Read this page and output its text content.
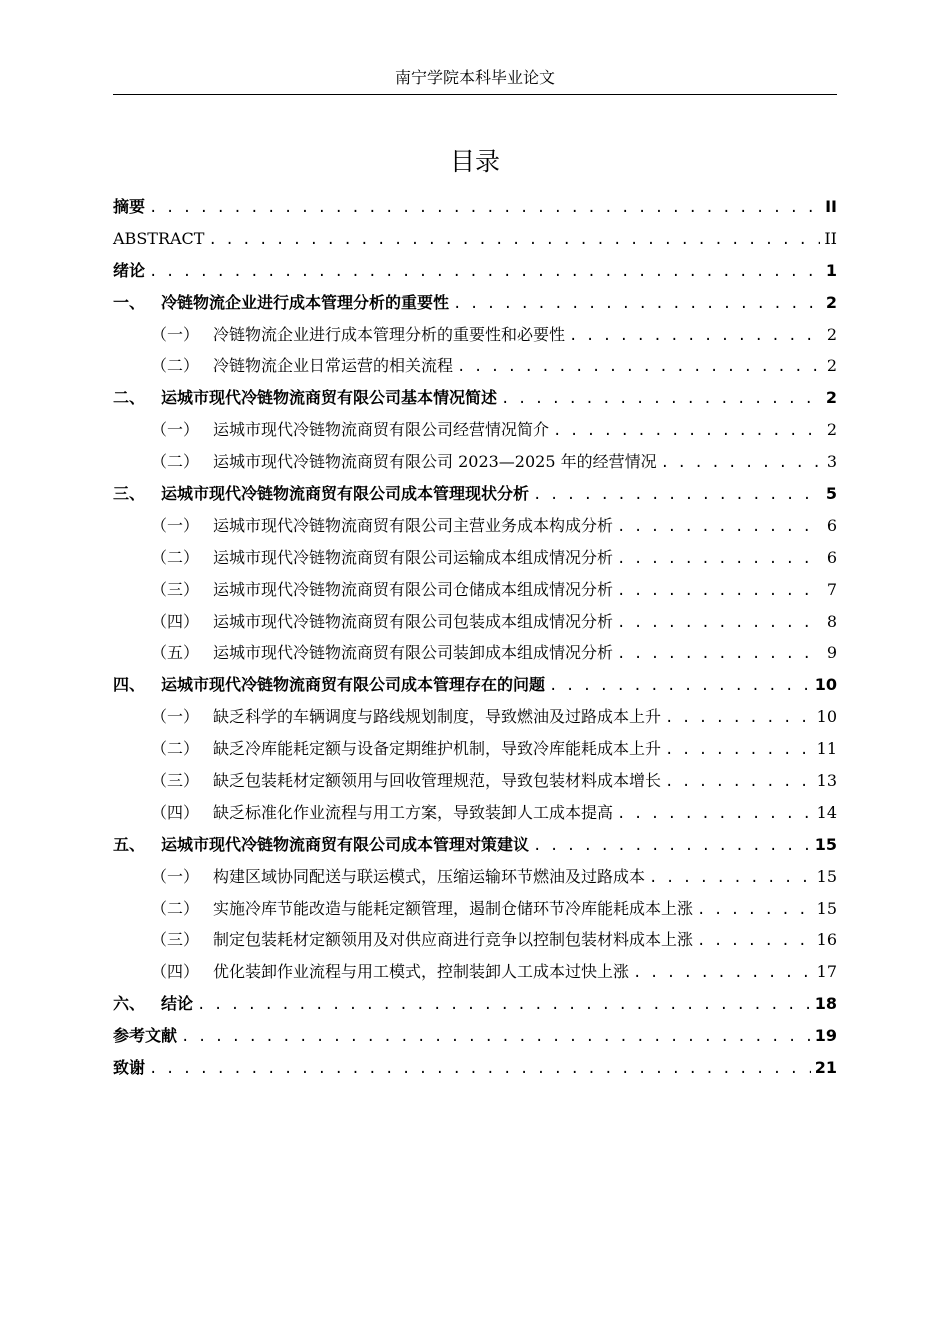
南宁学院本科毕业论文
目录
摘要 . . .	II
ABSTRACT . . .	II
绪论 . . .	1
一、 冷链物流企业进行成本管理分析的重要性 . . .	2
（一） 冷链物流企业进行成本管理分析的重要性和必要性 . . .	2
（二） 冷链物流企业日常运营的相关流程 . . .	2
二、 运城市现代冷链物流商贸有限公司基本情况简述 . . .	2
（一） 运城市现代冷链物流商贸有限公司经营情况简介 . . .	2
（二） 运城市现代冷链物流商贸有限公司 2023—2025 年的经营情况 . . .	3
三、 运城市现代冷链物流商贸有限公司成本管理现状分析 . . .	5
（一） 运城市现代冷链物流商贸有限公司主营业务成本构成分析 . . .	6
（二） 运城市现代冷链物流商贸有限公司运输成本组成情况分析 . . .	6
（三） 运城市现代冷链物流商贸有限公司仓储成本组成情况分析 . . .	7
（四） 运城市现代冷链物流商贸有限公司包装成本组成情况分析 . . .	8
（五） 运城市现代冷链物流商贸有限公司装卸成本组成情况分析 . . .	9
四、 运城市现代冷链物流商贸有限公司成本管理存在的问题 . . .	10
（一） 缺乏科学的车辆调度与路线规划制度，导致燃油及过路成本上升 . . .	10
（二） 缺乏冷库能耗定额与设备定期维护机制，导致冷库能耗成本上升 . . .	11
（三） 缺乏包装耗材定额领用与回收管理规范，导致包装材料成本增长 . . .	13
（四） 缺乏标准化作业流程与用工方案，导致装卸人工成本提高 . . .	14
五、 运城市现代冷链物流商贸有限公司成本管理对策建议 . . .	15
（一） 构建区域协同配送与联运模式，压缩运输环节燃油及过路成本 . . .	15
（二） 实施冷库节能改造与能耗定额管理，遏制仓储环节冷库能耗成本上涨 . . .	15
（三） 制定包装耗材定额领用及对供应商进行竞争以控制包装材料成本上涨 . . .	16
（四） 优化装卸作业流程与用工模式，控制装卸人工成本过快上涨 . . .	17
六、 结论 . . .	18
参考文献 . . .	19
致谢 . . .	21
